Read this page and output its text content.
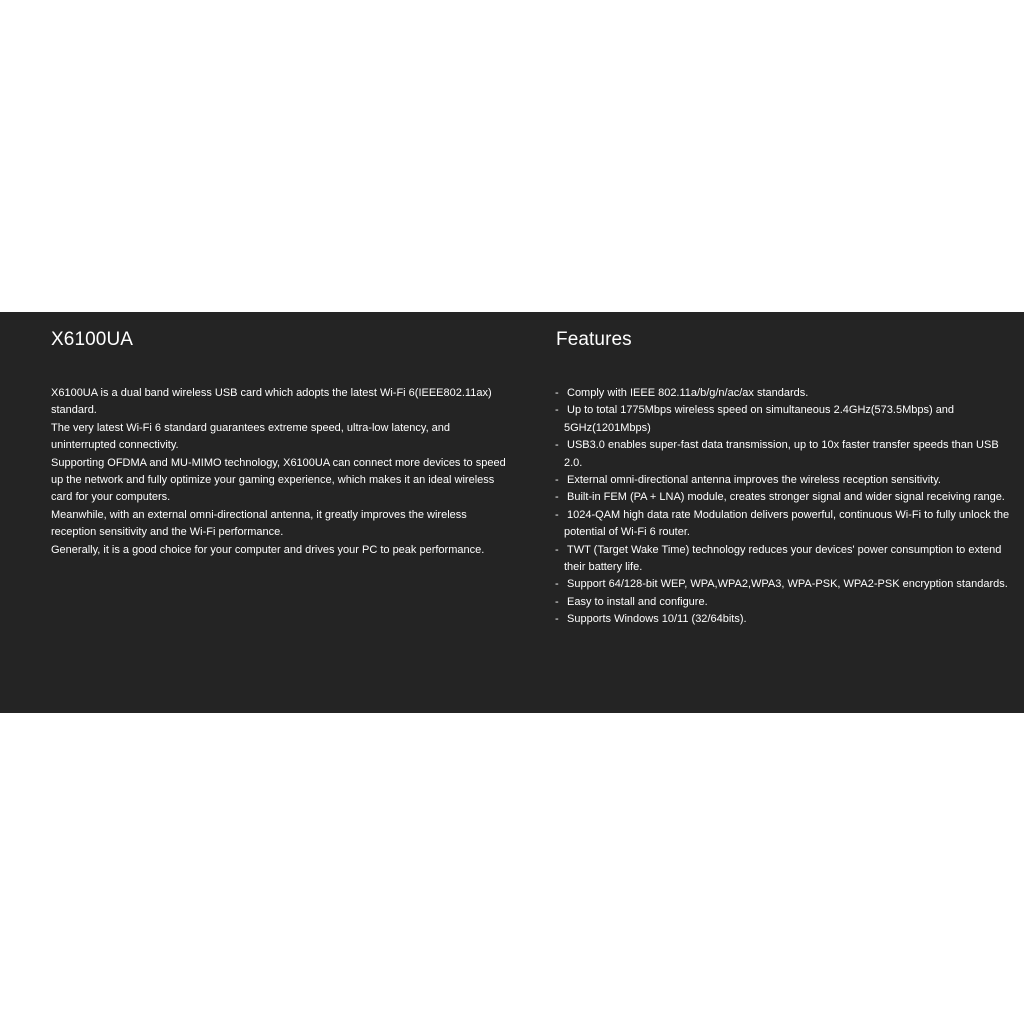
X6100UA

X6100UA is a dual band wireless USB card which adopts the latest Wi-Fi 6(IEEE802.11ax) standard.

The very latest Wi-Fi 6 standard guarantees extreme speed, ultra-low latency, and uninterrupted connectivity.

Supporting OFDMA and MU-MIMO technology, X6100UA can connect more devices to speed up the network and fully optimize your gaming experience, which makes it an ideal wireless card for your computers.

Meanwhile, with an external omni-directional antenna, it greatly improves the wireless reception sensitivity and the Wi-Fi performance.

Generally, it is a good choice for your computer and drives your PC to peak performance.

Features
- Comply with IEEE 802.11a/b/g/n/ac/ax standards.
- Up to total 1775Mbps wireless speed on simultaneous 2.4GHz(573.5Mbps) and 5GHz(1201Mbps)
- USB3.0 enables super-fast data transmission, up to 10x faster transfer speeds than USB 2.0.
- External omni-directional antenna improves the wireless reception sensitivity.
- Built-in FEM (PA + LNA) module, creates stronger signal and wider signal receiving range.
- 1024-QAM high data rate Modulation delivers powerful, continuous Wi-Fi to fully unlock the potential of Wi-Fi 6 router.
- TWT (Target Wake Time) technology reduces your devices' power consumption to extend their battery life.
- Support 64/128-bit WEP, WPA,WPA2,WPA3, WPA-PSK, WPA2-PSK encryption standards.
- Easy to install and configure.
- Supports Windows 10/11 (32/64bits).
